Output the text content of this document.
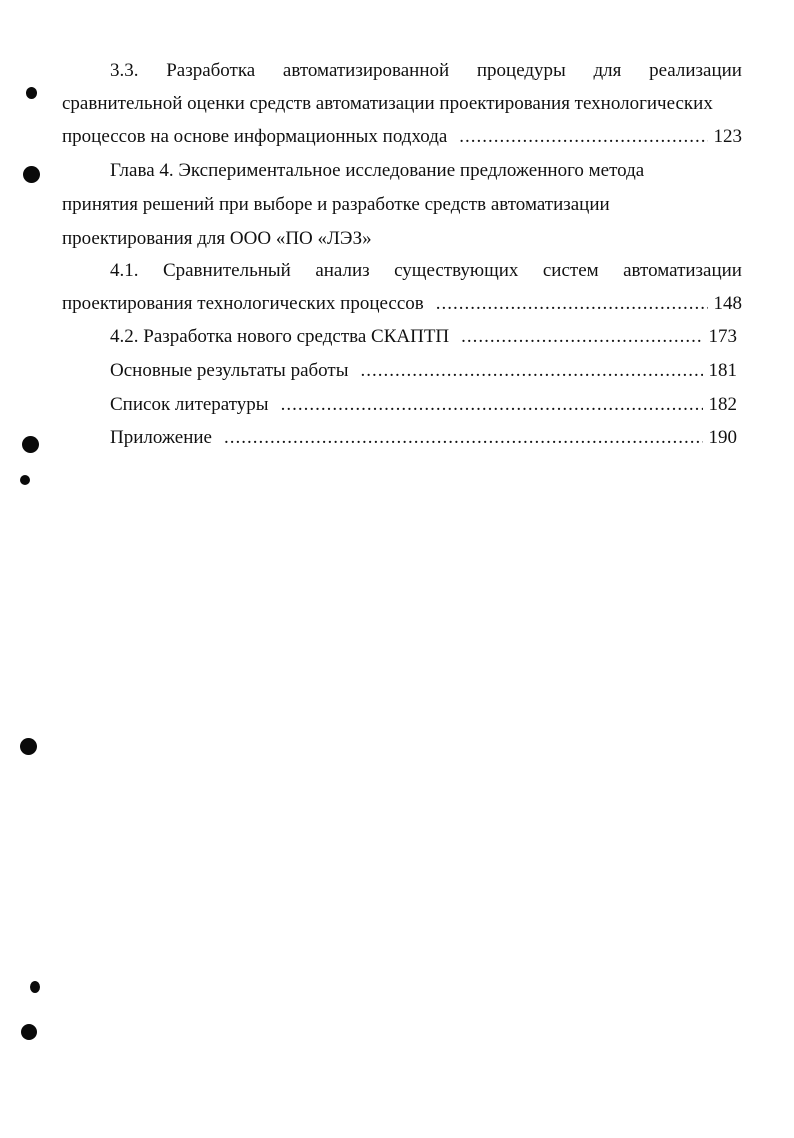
3.3. Разработка автоматизированной процедуры для реализации
сравнительной оценки средств автоматизации проектирования технологических
процессов на основе информационных подхода .....	123
Глава 4. Экспериментальное исследование предложенного метода
принятия решений при выборе и разработке средств автоматизации
проектирования для ООО «ПО «ЛЭЗ»
4.1. Сравнительный анализ существующих систем автоматизации
проектирования технологических процессов .....	148
4.2. Разработка нового средства СКАПТП .....	173
Основные результаты работы .....	181
Список литературы .....	182
Приложение .....	190
